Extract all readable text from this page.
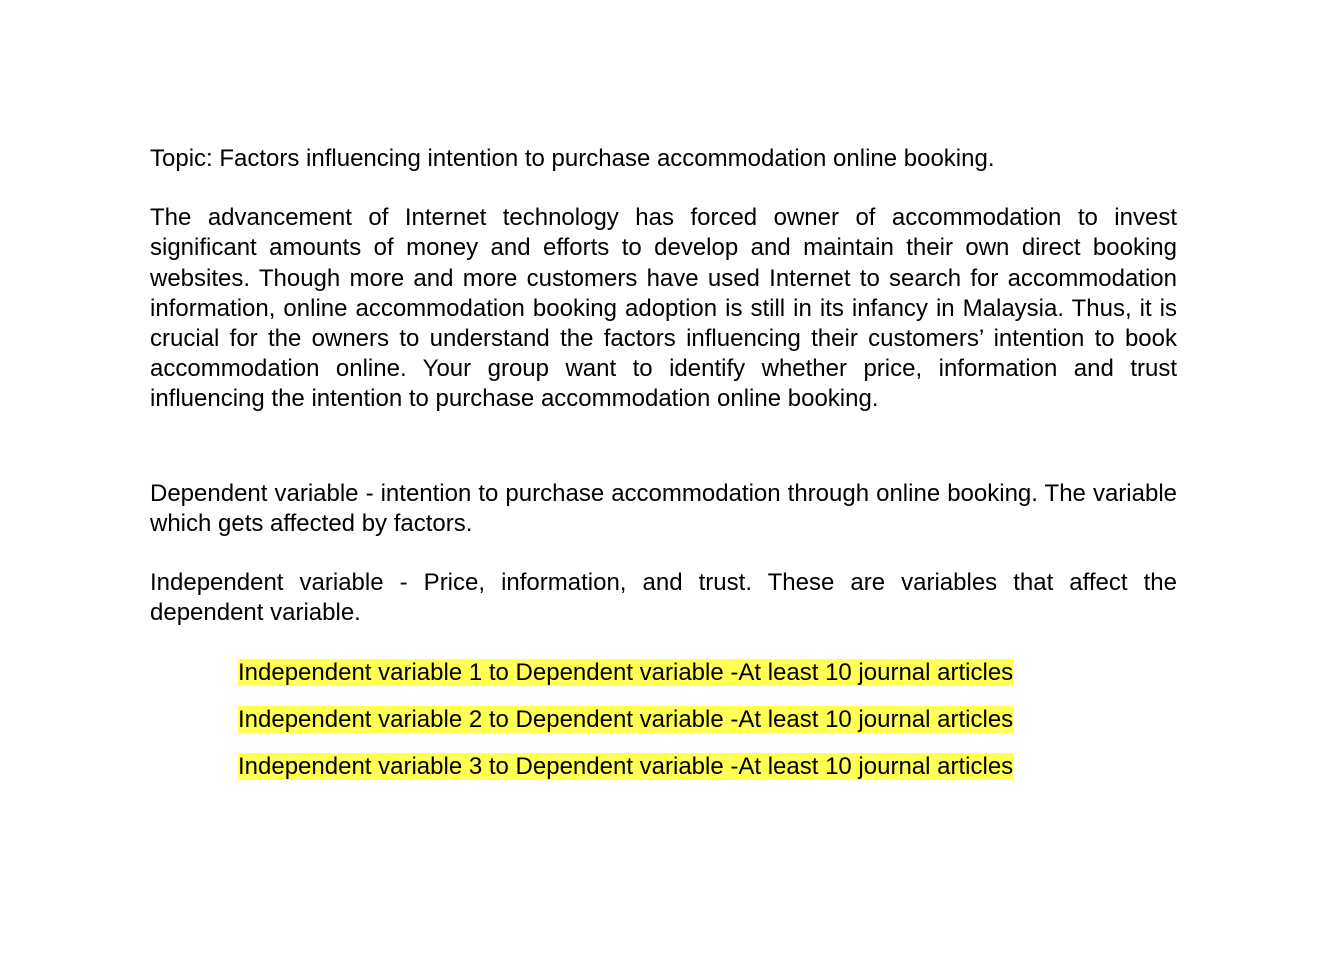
Topic: Factors influencing intention to purchase accommodation online booking.

The advancement of Internet technology has forced owner of accommodation to invest significant amounts of money and efforts to develop and maintain their own direct booking websites. Though more and more customers have used Internet to search for accommodation information, online accommodation booking adoption is still in its infancy in Malaysia. Thus, it is crucial for the owners to understand the factors influencing their customers’ intention to book accommodation online. Your group want to identify whether price, information and trust influencing the intention to purchase accommodation online booking.

Dependent variable - intention to purchase accommodation through online booking. The variable which gets affected by factors.

Independent variable - Price, information, and trust. These are variables that affect the dependent variable.

Independent variable 1 to Dependent variable -At least 10 journal articles

Independent variable 2 to Dependent variable -At least 10 journal articles

Independent variable 3 to Dependent variable -At least 10 journal articles
